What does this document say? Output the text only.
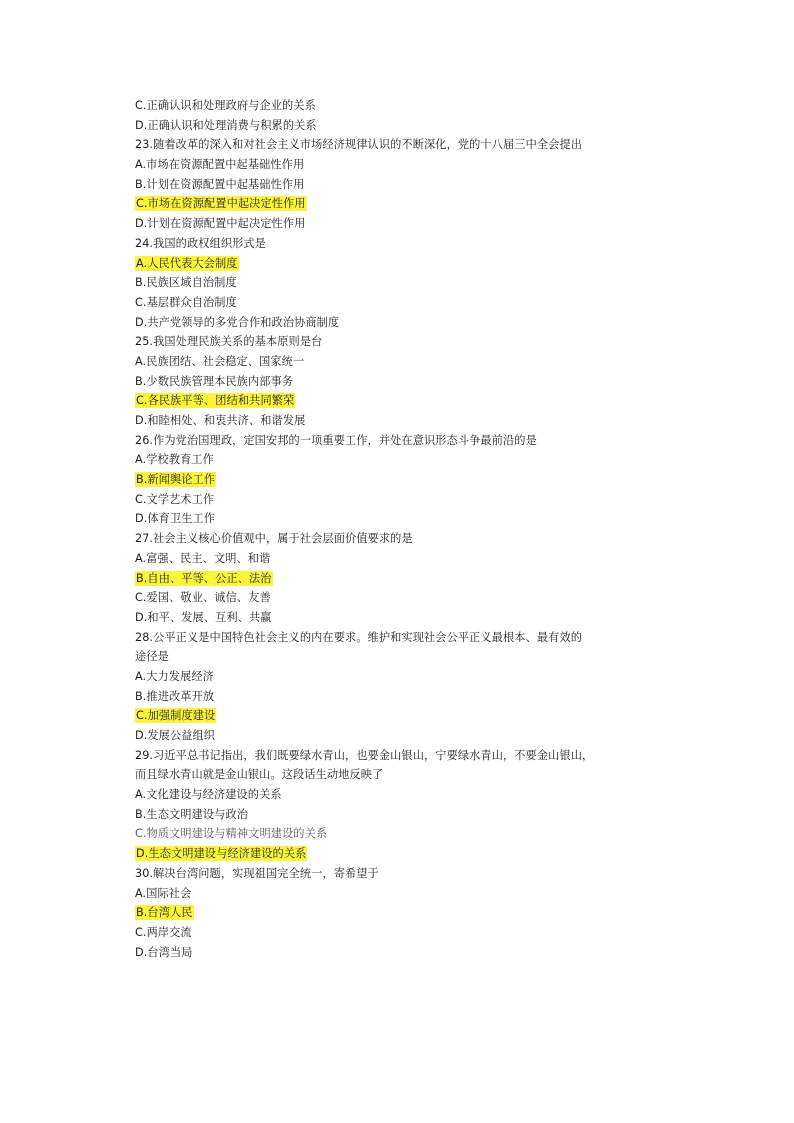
C.正确认识和处理政府与企业的关系
D.正确认识和处理消费与积累的关系
23.随着改革的深入和对社会主义市场经济规律认识的不断深化，党的十八届三中全会提出
A.市场在资源配置中起基础性作用
B.计划在资源配置中起基础性作用
C.市场在资源配置中起决定性作用
D.计划在资源配置中起决定性作用
24.我国的政权组织形式是
A.人民代表大会制度
B.民族区域自治制度
C.基层群众自治制度
D.共产党领导的多党合作和政治协商制度
25.我国处理民族关系的基本原则是台
A.民族团结、社会稳定、国家统一
B.少数民族管理本民族内部事务
C.各民族平等、团结和共同繁荣
D.和睦相处、和衷共济、和谐发展
26.作为党治国理政，定国安邦的一项重要工作，并处在意识形态斗争最前沿的是
A.学校教育工作
B.新闻舆论工作
C.文学艺术工作
D.体育卫生工作
27.社会主义核心价值观中，属于社会层面价值要求的是
A.富强、民主、文明、和谐
B.自由、平等、公正、法治
C.爱国、敬业、诚信、友善
D.和平、发展、互利、共赢
28.公平正义是中国特色社会主义的内在要求。维护和实现社会公平正义最根本、最有效的
途径是
A.大力发展经济
B.推进改革开放
C.加强制度建设
D.发展公益组织
29.习近平总书记指出，我们既要绿水青山，也要金山银山，宁要绿水青山，不要金山银山，
而且绿水青山就是金山银山。这段话生动地反映了
A.文化建设与经济建设的关系
B.生态文明建设与政治
C.物质文明建设与精神文明建设的关系
D.生态文明建设与经济建设的关系
30.解决台湾问题，实现祖国完全统一，寄希望于
A.国际社会
B.台湾人民
C.两岸交流
D.台湾当局
